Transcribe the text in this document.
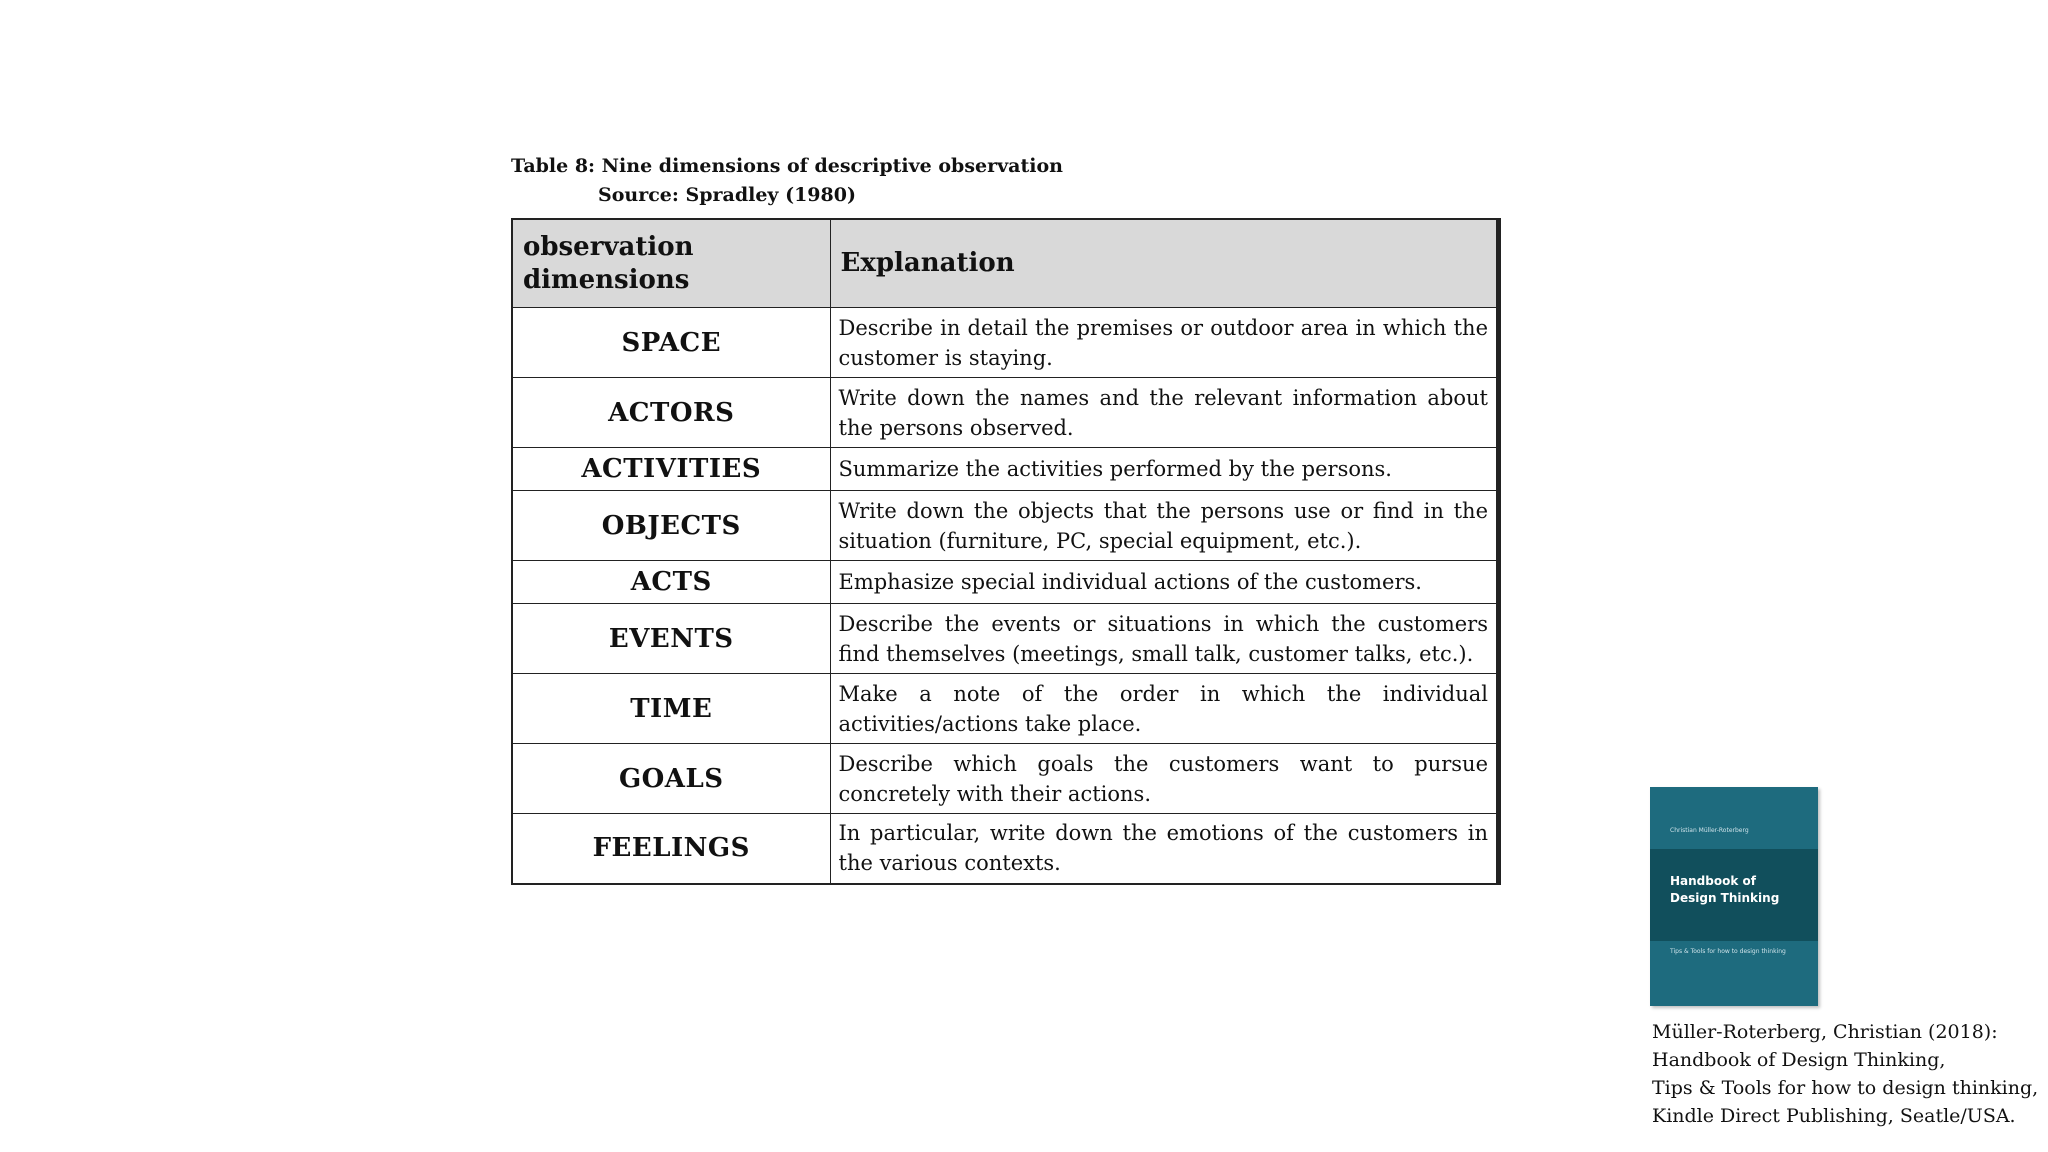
Table 8: Nine dimensions of descriptive observation
Source: Spradley (1980)
observation dimensions	Explanation
SPACE	Describe in detail the premises or outdoor area in which the customer is staying.
ACTORS	Write down the names and the relevant information about the persons observed.
ACTIVITIES	Summarize the activities performed by the persons.
OBJECTS	Write down the objects that the persons use or find in the situation (furniture, PC, special equipment, etc.).
ACTS	Emphasize special individual actions of the customers.
EVENTS	Describe the events or situations in which the customers find themselves (meetings, small talk, customer talks, etc.).
TIME	Make a note of the order in which the individual activities/actions take place.
GOALS	Describe which goals the customers want to pursue concretely with their actions.
FEELINGS	In particular, write down the emotions of the customers in the various contexts.
Christian Müller-Roterberg
Handbook of
Design Thinking
Tips & Tools for how to design thinking
Müller-Roterberg, Christian (2018):
Handbook of Design Thinking,
Tips & Tools for how to design thinking,
Kindle Direct Publishing, Seatle/USA.
